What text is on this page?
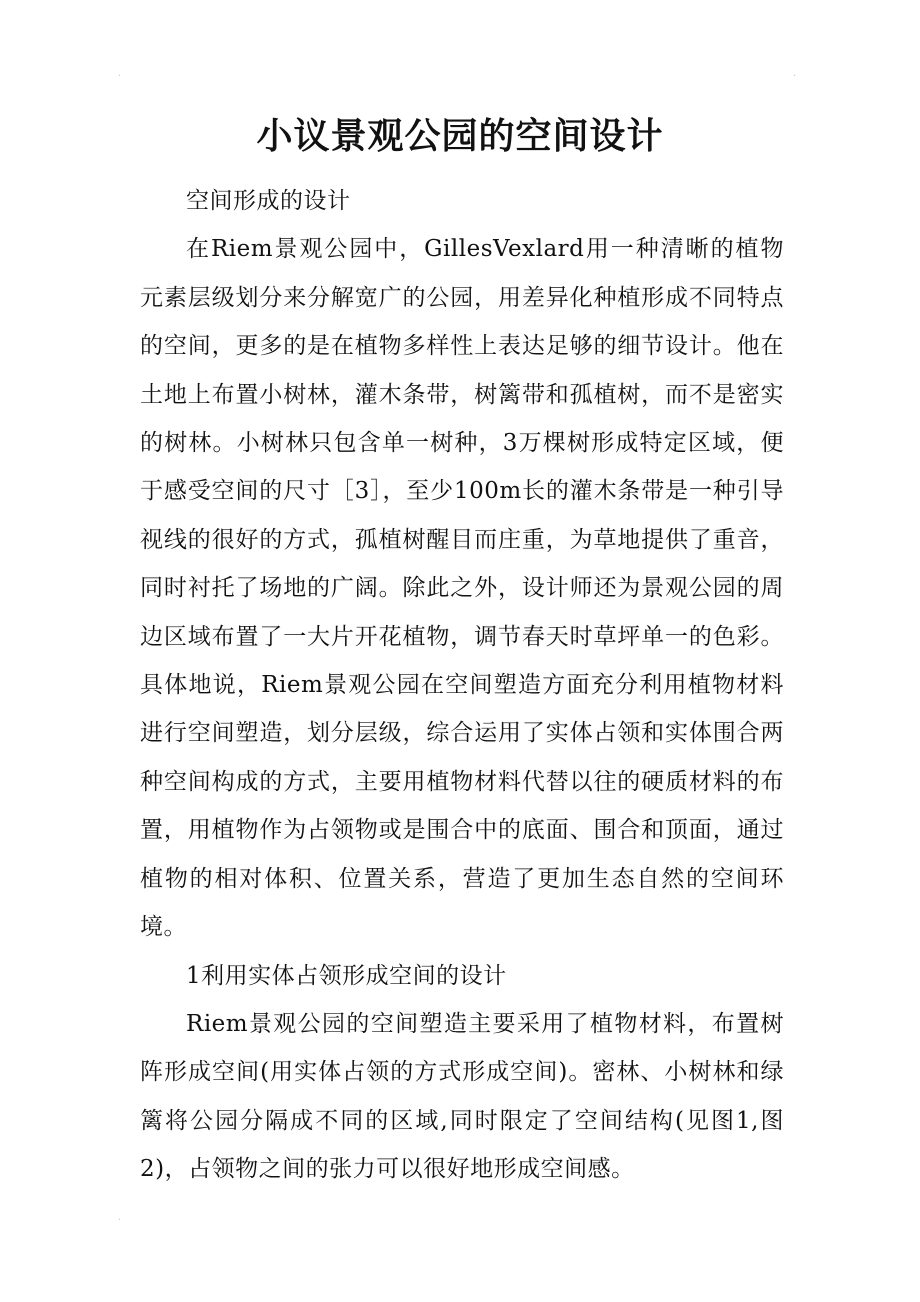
.	.
.
小议景观公园的空间设计

空间形成的设计

在Riem景观公园中，GillesVexlard用一种清晰的植物元素层级划分来分解宽广的公园，用差异化种植形成不同特点的空间，更多的是在植物多样性上表达足够的细节设计。他在土地上布置小树林，灌木条带，树篱带和孤植树，而不是密实的树林。小树林只包含单一树种，3万棵树形成特定区域，便于感受空间的尺寸［3］，至少100m长的灌木条带是一种引导视线的很好的方式，孤植树醒目而庄重，为草地提供了重音，同时衬托了场地的广阔。除此之外，设计师还为景观公园的周边区域布置了一大片开花植物，调节春天时草坪单一的色彩。具体地说，Riem景观公园在空间塑造方面充分利用植物材料进行空间塑造，划分层级，综合运用了实体占领和实体围合两种空间构成的方式，主要用植物材料代替以往的硬质材料的布置，用植物作为占领物或是围合中的底面、围合和顶面，通过植物的相对体积、位置关系，营造了更加生态自然的空间环境。

1利用实体占领形成空间的设计

Riem景观公园的空间塑造主要采用了植物材料，布置树阵形成空间(用实体占领的方式形成空间)。密林、小树林和绿篱将公园分隔成不同的区域,同时限定了空间结构(见图1,图2)，占领物之间的张力可以很好地形成空间感。
